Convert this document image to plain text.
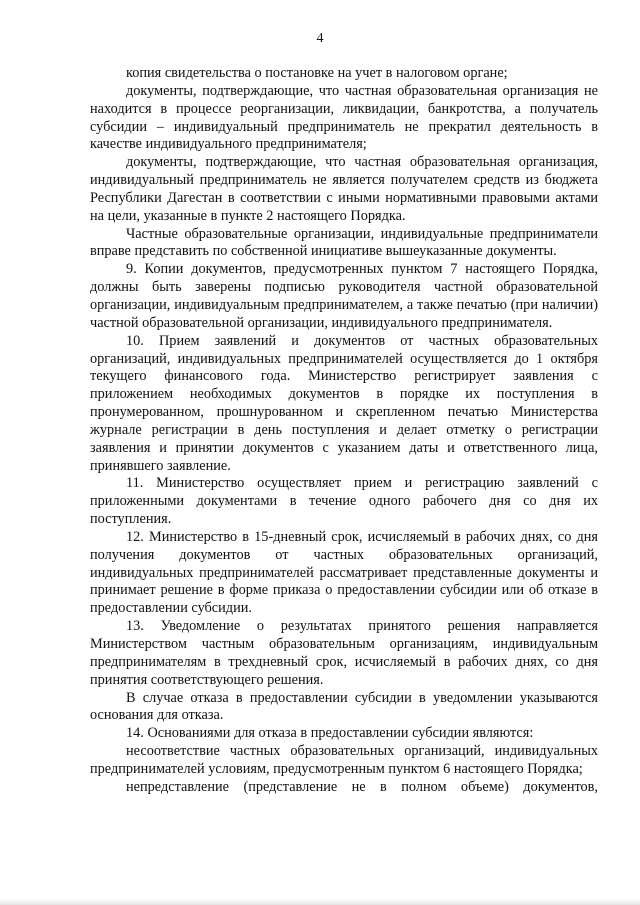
4

копия свидетельства о постановке на учет в налоговом органе;

документы, подтверждающие, что частная образовательная организация не находится в процессе реорганизации, ликвидации, банкротства, а получатель субсидии – индивидуальный предприниматель не прекратил деятельность в качестве индивидуального предпринимателя;

документы, подтверждающие, что частная образовательная организация, индивидуальный предприниматель не является получателем средств из бюджета Республики Дагестан в соответствии с иными нормативными правовыми актами на цели, указанные в пункте 2 настоящего Порядка.

Частные образовательные организации, индивидуальные предприниматели вправе представить по собственной инициативе вышеуказанные документы.

9. Копии документов, предусмотренных пунктом 7 настоящего Порядка, должны быть заверены подписью руководителя частной образовательной организации, индивидуальным предпринимателем, а также печатью (при наличии) частной образовательной организации, индивидуального предпринимателя.

10. Прием заявлений и документов от частных образовательных организаций, индивидуальных предпринимателей осуществляется до 1 октября текущего финансового года. Министерство регистрирует заявления с приложением необходимых документов в порядке их поступления в пронумерованном, прошнурованном и скрепленном печатью Министерства журнале регистрации в день поступления и делает отметку о регистрации заявления и принятии документов с указанием даты и ответственного лица, принявшего заявление.

11. Министерство осуществляет прием и регистрацию заявлений с приложенными документами в течение одного рабочего дня со дня их поступления.

12. Министерство в 15-дневный срок, исчисляемый в рабочих днях, со дня получения документов от частных образовательных организаций, индивидуальных предпринимателей рассматривает представленные документы и принимает решение в форме приказа о предоставлении субсидии или об отказе в предоставлении субсидии.

13. Уведомление о результатах принятого решения направляется Министерством частным образовательным организациям, индивидуальным предпринимателям в трехдневный срок, исчисляемый в рабочих днях, со дня принятия соответствующего решения.

В случае отказа в предоставлении субсидии в уведомлении указываются основания для отказа.

14. Основаниями для отказа в предоставлении субсидии являются:

несоответствие частных образовательных организаций, индивидуальных предпринимателей условиям, предусмотренным пунктом 6 настоящего Порядка;

непредставление (представление не в полном объеме) документов,
